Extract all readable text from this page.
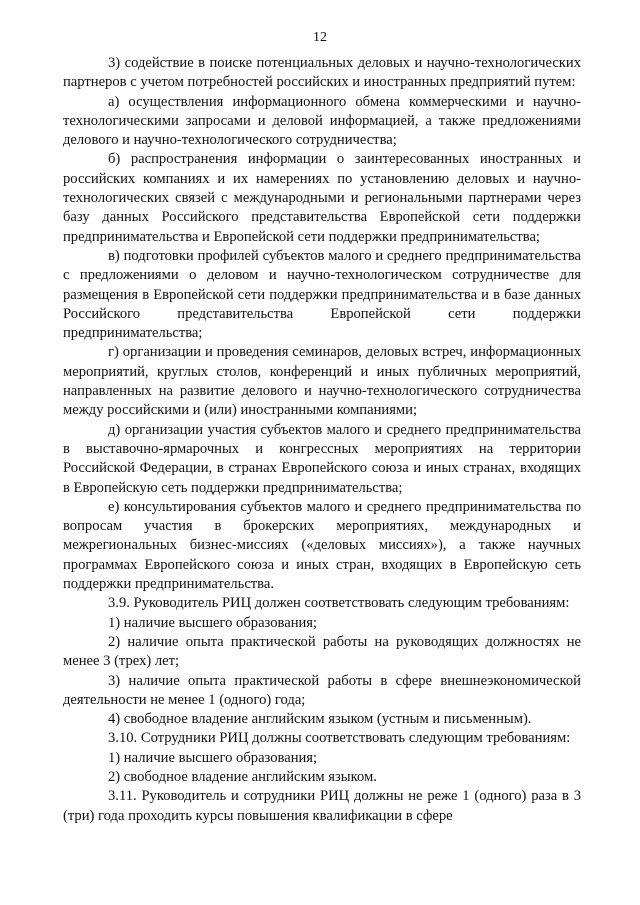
12

3) содействие в поиске потенциальных деловых и научно-технологических партнеров с учетом потребностей российских и иностранных предприятий путем:

а) осуществления информационного обмена коммерческими и научно-технологическими запросами и деловой информацией, а также предложениями делового и научно-технологического сотрудничества;

б) распространения информации о заинтересованных иностранных и российских компаниях и их намерениях по установлению деловых и научно-технологических связей с международными и региональными партнерами через базу данных Российского представительства Европейской сети поддержки предпринимательства и Европейской сети поддержки предпринимательства;

в) подготовки профилей субъектов малого и среднего предпринимательства с предложениями о деловом и научно-технологическом сотрудничестве для размещения в Европейской сети поддержки предпринимательства и в базе данных Российского представительства Европейской сети поддержки предпринимательства;

г) организации и проведения семинаров, деловых встреч, информационных мероприятий, круглых столов, конференций и иных публичных мероприятий, направленных на развитие делового и научно-технологического сотрудничества между российскими и (или) иностранными компаниями;

д) организации участия субъектов малого и среднего предпринимательства в выставочно-ярмарочных и конгрессных мероприятиях на территории Российской Федерации, в странах Европейского союза и иных странах, входящих в Европейскую сеть поддержки предпринимательства;

е) консультирования субъектов малого и среднего предпринимательства по вопросам участия в брокерских мероприятиях, международных и межрегиональных бизнес-миссиях («деловых миссиях»), а также научных программах Европейского союза и иных стран, входящих в Европейскую сеть поддержки предпринимательства.

3.9. Руководитель РИЦ должен соответствовать следующим требованиям:

1) наличие высшего образования;

2) наличие опыта практической работы на руководящих должностях не менее 3 (трех) лет;

3) наличие опыта практической работы в сфере внешнеэкономической деятельности не менее 1 (одного) года;

4) свободное владение английским языком (устным и письменным).

3.10. Сотрудники РИЦ должны соответствовать следующим требованиям:

1) наличие высшего образования;

2) свободное владение английским языком.

3.11. Руководитель и сотрудники РИЦ должны не реже 1 (одного) раза в 3 (три) года проходить курсы повышения квалификации в сфере
